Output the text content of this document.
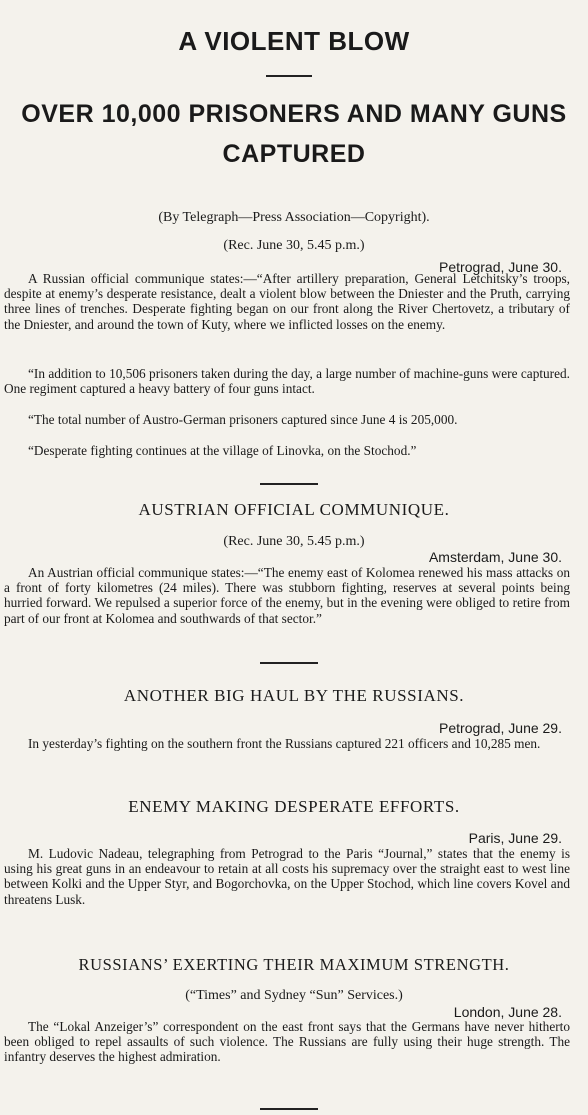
A VIOLENT BLOW
OVER 10,000 PRISONERS AND MANY GUNS
CAPTURED
(By Telegraph—Press Association—Copyright).
(Rec. June 30, 5.45 p.m.)
Petrograd, June 30.

A Russian official communique states:—“After artillery preparation, General Letchitsky’s troops, despite at enemy’s desperate resistance, dealt a violent blow between the Dniester and the Pruth, carrying three lines of trenches. Desperate fighting began on our front along the River Chertovetz, a tributary of the Dniester, and around the town of Kuty, where we inflicted losses on the enemy.

“In addition to 10,506 prisoners taken during the day, a large number of machine-guns were captured. One regiment captured a heavy battery of four guns intact.

“The total number of Austro-German prisoners captured since June 4 is 205,000.

“Desperate fighting continues at the village of Linovka, on the Stochod.”

AUSTRIAN OFFICIAL COMMUNIQUE.
(Rec. June 30, 5.45 p.m.)
Amsterdam, June 30.

An Austrian official communique states:—“The enemy east of Kolomea renewed his mass attacks on a front of forty kilometres (24 miles). There was stubborn fighting, reserves at several points being hurried forward. We repulsed a superior force of the enemy, but in the evening were obliged to retire from part of our front at Kolomea and southwards of that sector.”

ANOTHER BIG HAUL BY THE RUSSIANS.
Petrograd, June 29.

In yesterday’s fighting on the southern front the Russians captured 221 officers and 10,285 men.

ENEMY MAKING DESPERATE EFFORTS.
Paris, June 29.

M. Ludovic Nadeau, telegraphing from Petrograd to the Paris “Journal,” states that the enemy is using his great guns in an endeavour to retain at all costs his supremacy over the straight east to west line between Kolki and the Upper Styr, and Bogorchovka, on the Upper Stochod, which line covers Kovel and threatens Lusk.

RUSSIANS’ EXERTING THEIR MAXIMUM STRENGTH.
(“Times” and Sydney “Sun” Services.)
London, June 28.

The “Lokal Anzeiger’s” correspondent on the east front says that the Germans have never hitherto been obliged to repel assaults of such violence. The Russians are fully using their huge strength. The infantry deserves the highest admiration.
